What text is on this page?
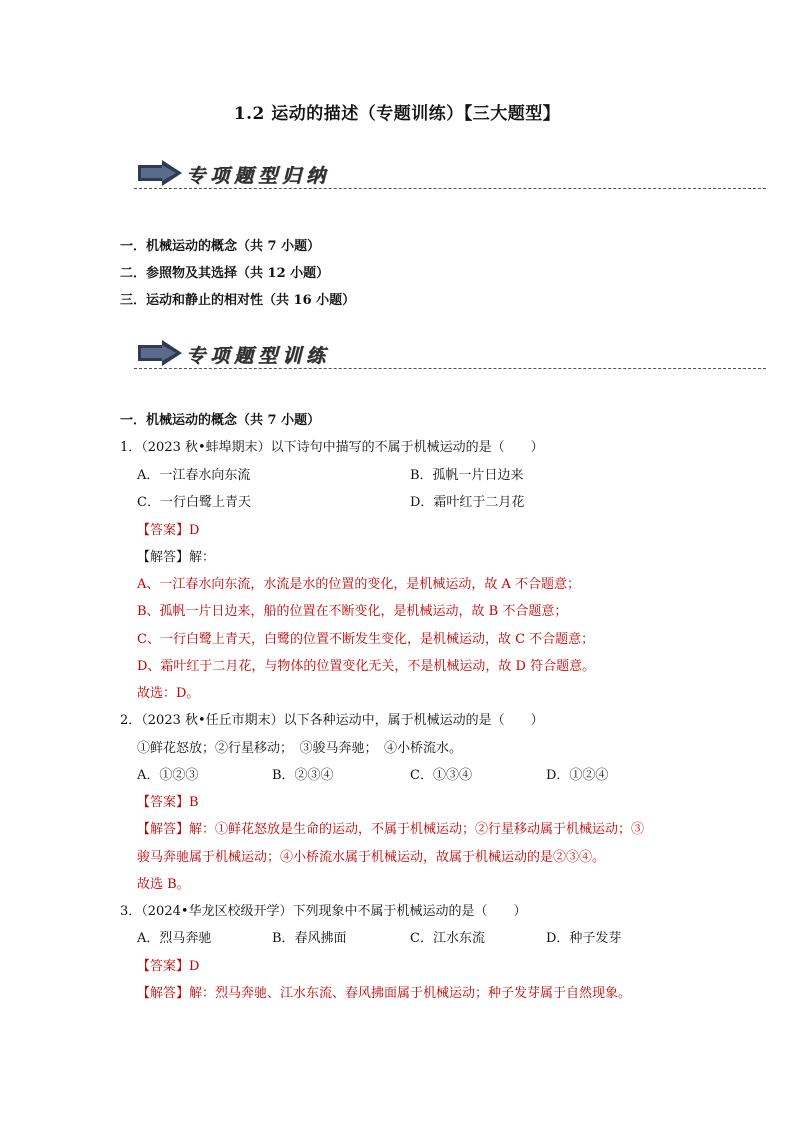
1.2 运动的描述（专题训练）【三大题型】
专项题型归纳
一．机械运动的概念（共 7 小题）
二．参照物及其选择（共 12 小题）
三．运动和静止的相对性（共 16 小题）
专项题型训练
一．机械运动的概念（共 7 小题）
1．（2023 秋•蚌埠期末）以下诗句中描写的不属于机械运动的是（　　）
A．一江春水向东流	B．孤帆一片日边来
C．一行白鹭上青天	D．霜叶红于二月花
【答案】D
【解答】解：
A、一江春水向东流，水流是水的位置的变化，是机械运动，故 A 不合题意；
B、孤帆一片日边来，船的位置在不断变化，是机械运动，故 B 不合题意；
C、一行白鹭上青天，白鹭的位置不断发生变化，是机械运动，故 C 不合题意；
D、霜叶红于二月花，与物体的位置变化无关，不是机械运动，故 D 符合题意。
故选：D。
2．（2023 秋•任丘市期末）以下各种运动中，属于机械运动的是（　　）
①鲜花怒放；②行星移动；　③骏马奔驰；　④小桥流水。
A．①②③	B．②③④	C．①③④	D．①②④
【答案】B
【解答】解：①鲜花怒放是生命的运动，不属于机械运动；②行星移动属于机械运动；③
骏马奔驰属于机械运动；④小桥流水属于机械运动，故属于机械运动的是②③④。
故选 B。
3．（2024•华龙区校级开学）下列现象中不属于机械运动的是（　　）
A．烈马奔驰	B．春风拂面	C．江水东流	D．种子发芽
【答案】D
【解答】解：烈马奔驰、江水东流、春风拂面属于机械运动；种子发芽属于自然现象。
